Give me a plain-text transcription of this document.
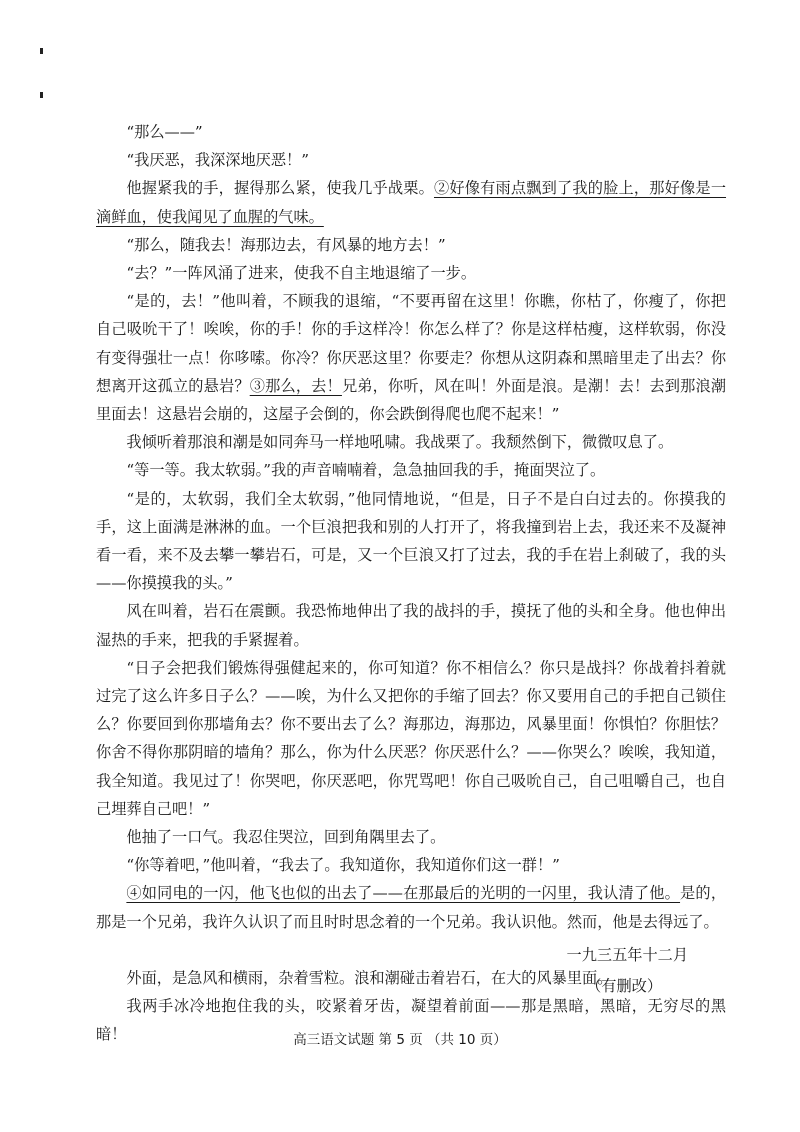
“那么——”

“我厌恶，我深深地厌恶！”

他握紧我的手，握得那么紧，使我几乎战栗。②好像有雨点飘到了我的脸上，那好像是一滴鲜血，使我闻见了血腥的气味。

“那么，随我去！海那边去，有风暴的地方去！”

“去？”一阵风涌了进来，使我不自主地退缩了一步。

“是的，去！”他叫着，不顾我的退缩，“不要再留在这里！你瞧，你枯了，你瘦了，你把自己吸吮干了！唉唉，你的手！你的手这样冷！你怎么样了？你是这样枯瘦，这样软弱，你没有变得强壮一点！你哆嗦。你冷？你厌恶这里？你要走？你想从这阴森和黑暗里走了出去？你想离开这孤立的悬岩？③那么，去！兄弟，你听，风在叫！外面是浪。是潮！去！去到那浪潮里面去！这悬岩会崩的，这屋子会倒的，你会跌倒得爬也爬不起来！”

我倾听着那浪和潮是如同奔马一样地吼啸。我战栗了。我颓然倒下，微微叹息了。

“等一等。我太软弱。”我的声音喃喃着，急急抽回我的手，掩面哭泣了。

“是的，太软弱，我们全太软弱，”他同情地说，“但是，日子不是白白过去的。你摸我的手，这上面满是淋淋的血。一个巨浪把我和别的人打开了，将我撞到岩上去，我还来不及凝神看一看，来不及去攀一攀岩石，可是，又一个巨浪又打了过去，我的手在岩上刹破了，我的头——你摸摸我的头。”

风在叫着，岩石在震颤。我恐怖地伸出了我的战抖的手，摸抚了他的头和全身。他也伸出湿热的手来，把我的手紧握着。

“日子会把我们锻炼得强健起来的，你可知道？你不相信么？你只是战抖？你战着抖着就过完了这么许多日子么？——唉，为什么又把你的手缩了回去？你又要用自己的手把自己锁住么？你要回到你那墙角去？你不要出去了么？海那边，海那边，风暴里面！你惧怕？你胆怯？你舍不得你那阴暗的墙角？那么，你为什么厌恶？你厌恶什么？——你哭么？唉唉，我知道，我全知道。我见过了！你哭吧，你厌恶吧，你咒骂吧！你自己吸吮自己，自己咀嚼自己，也自己埋葬自己吧！”

他抽了一口气。我忍住哭泣，回到角隅里去了。

“你等着吧，”他叫着，“我去了。我知道你，我知道你们这一群！”

④如同电的一闪，他飞也似的出去了——在那最后的光明的一闪里，我认清了他。是的，那是一个兄弟，我许久认识了而且时时思念着的一个兄弟。我认识他。然而，他是去得远了。

外面，是急风和横雨，杂着雪粒。浪和潮碰击着岩石，在大的风暴里面。

我两手冰冷地抱住我的头，咬紧着牙齿，凝望着前面——那是黑暗，黑暗，无穷尽的黑暗！

一九三五年十二月
（有删改）
高三语文试题 第 5 页 （共 10 页）
